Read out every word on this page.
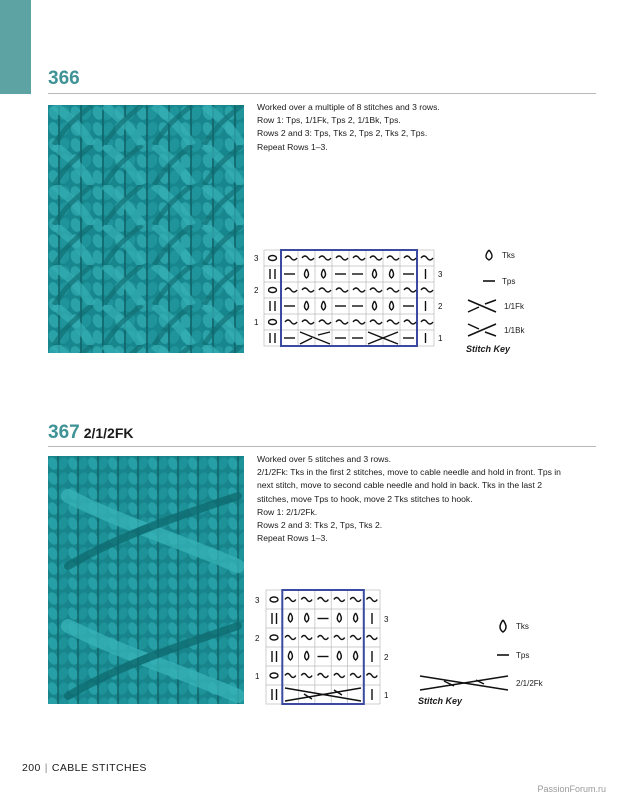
366

Worked over a multiple of 8 stitches and 3 rows.

Row 1: Tps, 1/1Fk, Tps 2, 1/1Bk, Tps.

Rows 2 and 3: Tps, Tks 2, Tps 2, Tks 2, Tps.

Repeat Rows 1–3.

3
2
1
3
2
1
Tks
Tps
1/1Fk
1/1Bk
Stitch Key
367 2/1/2FK

Worked over 5 stitches and 3 rows.

2/1/2Fk: Tks in the first 2 stitches, move to cable needle and hold in front. Tps in next stitch, move to second cable needle and hold in back. Tks in the last 2 stitches, move Tps to hook, move 2 Tks stitches to hook.

Row 1: 2/1/2Fk.

Rows 2 and 3: Tks 2, Tps, Tks 2.

Repeat Rows 1–3.

3
2
1
3
2
1
Tks
Tps
2/1/2Fk
Stitch Key
200 | CABLE STITCHES
PassionForum.ru
